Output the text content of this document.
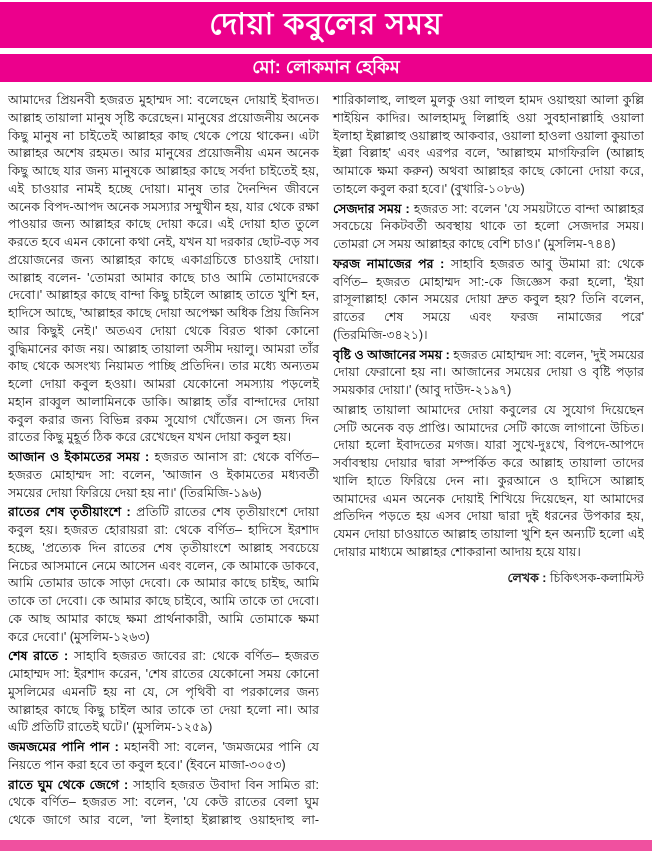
দোয়া কবুলের সময়
মো: লোকমান হেকিম

আমাদের প্রিয়নবী হজরত মুহাম্মদ সা: বলেছেন দোয়াই ইবাদত। আল্লাহ তায়ালা মানুষ সৃষ্টি করেছেন। মানুষের প্রয়োজনীয় অনেক কিছু মানুষ না চাইতেই আল্লাহর কাছ থেকে পেয়ে থাকেন। এটা আল্লাহর অশেষ রহমত। আর মানুষের প্রয়োজনীয় এমন অনেক কিছু আছে যার জন্য মানুষকে আল্লাহর কাছে সর্বদা চাইতেই হয়, এই চাওয়ার নামই হচ্ছে দোয়া। মানুষ তার দৈনন্দিন জীবনে অনেক বিপদ-আপদ অনেক সমস্যার সম্মুখীন হয়, যার থেকে রক্ষা পাওয়ার জন্য আল্লাহর কাছে দোয়া করে। এই দোয়া হাত তুলে করতে হবে এমন কোনো কথা নেই, যখন যা দরকার ছোট-বড় সব প্রয়োজনের জন্য আল্লাহর কাছে একাগ্রচিত্তে চাওয়াই দোয়া। আল্লাহ বলেন- 'তোমরা আমার কাছে চাও আমি তোমাদেরকে দেবো।' আল্লাহর কাছে বান্দা কিছু চাইলে আল্লাহ তাতে খুশি হন, হাদিসে আছে, 'আল্লাহর কাছে দোয়া অপেক্ষা অধিক প্রিয় জিনিস আর কিছুই নেই।' অতএব দোয়া থেকে বিরত থাকা কোনো বুদ্ধিমানের কাজ নয়। আল্লাহ তায়ালা অসীম দয়ালু। আমরা তাঁর কাছ থেকে অসংখ্য নিয়ামত পাচ্ছি প্রতিদিন। তার মধ্যে অন্যতম হলো দোয়া কবুল হওয়া। আমরা যেকোনো সমস্যায় পড়লেই মহান রাব্বুল আলামিনকে ডাকি। আল্লাহ তাঁর বান্দাদের দোয়া কবুল করার জন্য বিভিন্ন রকম সুযোগ খোঁজেন। সে জন্য দিন রাতের কিছু মুহূর্ত ঠিক করে রেখেছেন যখন দোয়া কবুল হয়।

আজান ও ইকামতের সময় : হজরত আনাস রা: থেকে বর্ণিত– হজরত মোহাম্মদ সা: বলেন, 'আজান ও ইকামতের মধ্যবর্তী সময়ের দোয়া ফিরিয়ে দেয়া হয় না।' (তিরমিজি-১৯৬)

রাতের শেষ তৃতীয়াংশে : প্রতিটি রাতের শেষ তৃতীয়াংশে দোয়া কবুল হয়। হজরত হোরায়রা রা: থেকে বর্ণিত– হাদিসে ইরশাদ হচ্ছে, 'প্রত্যেক দিন রাতের শেষ তৃতীয়াংশে আল্লাহ সবচেয়ে নিচের আসমানে নেমে আসেন এবং বলেন, কে আমাকে ডাকবে, আমি তোমার ডাকে সাড়া দেবো। কে আমার কাছে চাইছ, আমি তাকে তা দেবো। কে আমার কাছে চাইবে, আমি তাকে তা দেবো। কে আছ আমার কাছে ক্ষমা প্রার্থনাকারী, আমি তোমাকে ক্ষমা করে দেবো।' (মুসলিম-১২৬৩)

শেষ রাতে : সাহাবি হজরত জাবের রা: থেকে বর্ণিত– হজরত মোহাম্মদ সা: ইরশাদ করেন, 'শেষ রাতের যেকোনো সময় কোনো মুসলিমের এমনটি হয় না যে, সে পৃথিবী বা পরকালের জন্য আল্লাহর কাছে কিছু চাইল আর তাকে তা দেয়া হলো না। আর এটি প্রতিটি রাতেই ঘটে।' (মুসলিম-১২৫৯)

জমজমের পানি পান : মহানবী সা: বলেন, 'জমজমের পানি যে নিয়তে পান করা হবে তা কবুল হবে।' (ইবনে মাজা-৩০৫৩)

রাতে ঘুম থেকে জেগে : সাহাবি হজরত উবাদা বিন সামিত রা: থেকে বর্ণিত– হজরত সা: বলেন, 'যে কেউ রাতের বেলা ঘুম থেকে জাগে আর বলে, 'লা ইলাহা ইল্লাল্লাহু ওয়াহদাহু লা-শারিকালাহু, লাহুল মুলকু ওয়া লাহুল হামদ ওয়াহুয়া আলা কুল্লি শাইয়িন কাদির। আলহামদু লিল্লাহি ওয়া সুবহানাল্লাহি ওয়ালা ইলাহা ইল্লাল্লাহু ওয়াল্লাহু আকবার, ওয়ালা হাওলা ওয়ালা কুয়াতা ইল্লা বিল্লাহ' এবং এরপর বলে, 'আল্লাহুম মাগফিরলি (আল্লাহ আমাকে ক্ষমা করুন) অথবা আল্লাহর কাছে কোনো দোয়া করে, তাহলে কবুল করা হবে।' (বুখারি-১০৮৬)

সেজদার সময় : হজরত সা: বলেন 'যে সময়টাতে বান্দা আল্লাহর সবচেয়ে নিকটবর্তী অবস্থায় থাকে তা হলো সেজদার সময়। তোমরা সে সময় আল্লাহর কাছে বেশি চাও।' (মুসলিম-৭৪৪)

ফরজ নামাজের পর : সাহাবি হজরত আবু উমামা রা: থেকে বর্ণিত– হজরত মোহাম্মদ সা:-কে জিজ্ঞেস করা হলো, 'ইয়া রাসূলাল্লাহ! কোন সময়ের দোয়া দ্রুত কবুল হয়? তিনি বলেন, রাতের শেষ সময়ে এবং ফরজ নামাজের পরে' (তিরমিজি-৩৪২১)।

বৃষ্টি ও আজানের সময় : হজরত মোহাম্মদ সা: বলেন, 'দুই সময়ের দোয়া ফেরানো হয় না। আজানের সময়ের দোয়া ও বৃষ্টি পড়ার সময়কার দোয়া।' (আবু দাউদ-২১৯৭)

আল্লাহ তায়ালা আমাদের দোয়া কবুলের যে সুযোগ দিয়েছেন সেটি অনেক বড় প্রাপ্তি। আমাদের সেটি কাজে লাগানো উচিত। দোয়া হলো ইবাদতের মগজ। যারা সুখে-দুঃখে, বিপদে-আপদে সর্বাবস্থায় দোয়ার দ্বারা সম্পর্কিত করে আল্লাহ তায়ালা তাদের খালি হাতে ফিরিয়ে দেন না। কুরআনে ও হাদিসে আল্লাহ আমাদের এমন অনেক দোয়াই শিখিয়ে দিয়েছেন, যা আমাদের প্রতিদিন পড়তে হয় এসব দোয়া দ্বারা দুই ধরনের উপকার হয়, যেমন দোয়া চাওয়াতে আল্লাহ তায়ালা খুশি হন অন্যটি হলো এই দোয়ার মাধ্যমে আল্লাহর শোকরানা আদায় হয়ে যায়।

লেখক : চিকিৎসক-কলামিস্ট
